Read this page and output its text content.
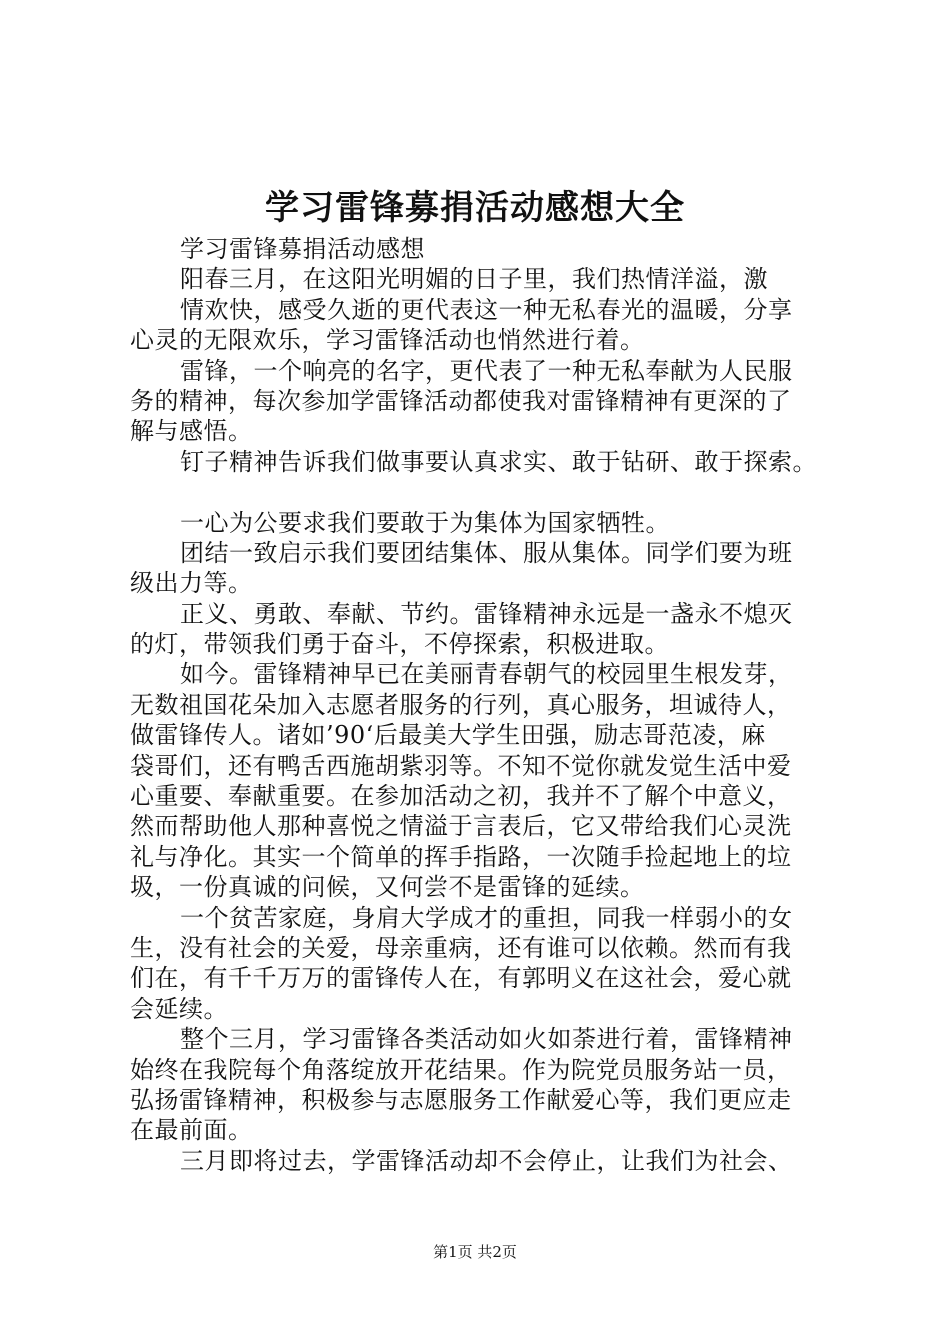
学习雷锋募捐活动感想大全
学习雷锋募捐活动感想
阳春三月，在这阳光明媚的日子里，我们热情洋溢，激
情欢快，感受久逝的更代表这一种无私春光的温暖，分享
心灵的无限欢乐，学习雷锋活动也悄然进行着。
雷锋，一个响亮的名字，更代表了一种无私奉献为人民服
务的精神，每次参加学雷锋活动都使我对雷锋精神有更深的了
解与感悟。
钉子精神告诉我们做事要认真求实、敢于钻研、敢于探索。
一心为公要求我们要敢于为集体为国家牺牲。
团结一致启示我们要团结集体、服从集体。同学们要为班
级出力等。
正义、勇敢、奉献、节约。雷锋精神永远是一盏永不熄灭
的灯，带领我们勇于奋斗，不停探索，积极进取。
如今。雷锋精神早已在美丽青春朝气的校园里生根发芽，
无数祖国花朵加入志愿者服务的行列，真心服务，坦诚待人，
做雷锋传人。诸如’90‘后最美大学生田强，励志哥范凌，麻
袋哥们，还有鸭舌西施胡紫羽等。不知不觉你就发觉生活中爱
心重要、奉献重要。在参加活动之初，我并不了解个中意义，
然而帮助他人那种喜悦之情溢于言表后，它又带给我们心灵洗
礼与净化。其实一个简单的挥手指路，一次随手捡起地上的垃
圾，一份真诚的问候，又何尝不是雷锋的延续。
一个贫苦家庭，身肩大学成才的重担，同我一样弱小的女
生，没有社会的关爱，母亲重病，还有谁可以依赖。然而有我
们在，有千千万万的雷锋传人在，有郭明义在这社会，爱心就
会延续。
整个三月，学习雷锋各类活动如火如荼进行着，雷锋精神
始终在我院每个角落绽放开花结果。作为院党员服务站一员，
弘扬雷锋精神，积极参与志愿服务工作献爱心等，我们更应走
在最前面。
三月即将过去，学雷锋活动却不会停止，让我们为社会、
第1页 共2页
